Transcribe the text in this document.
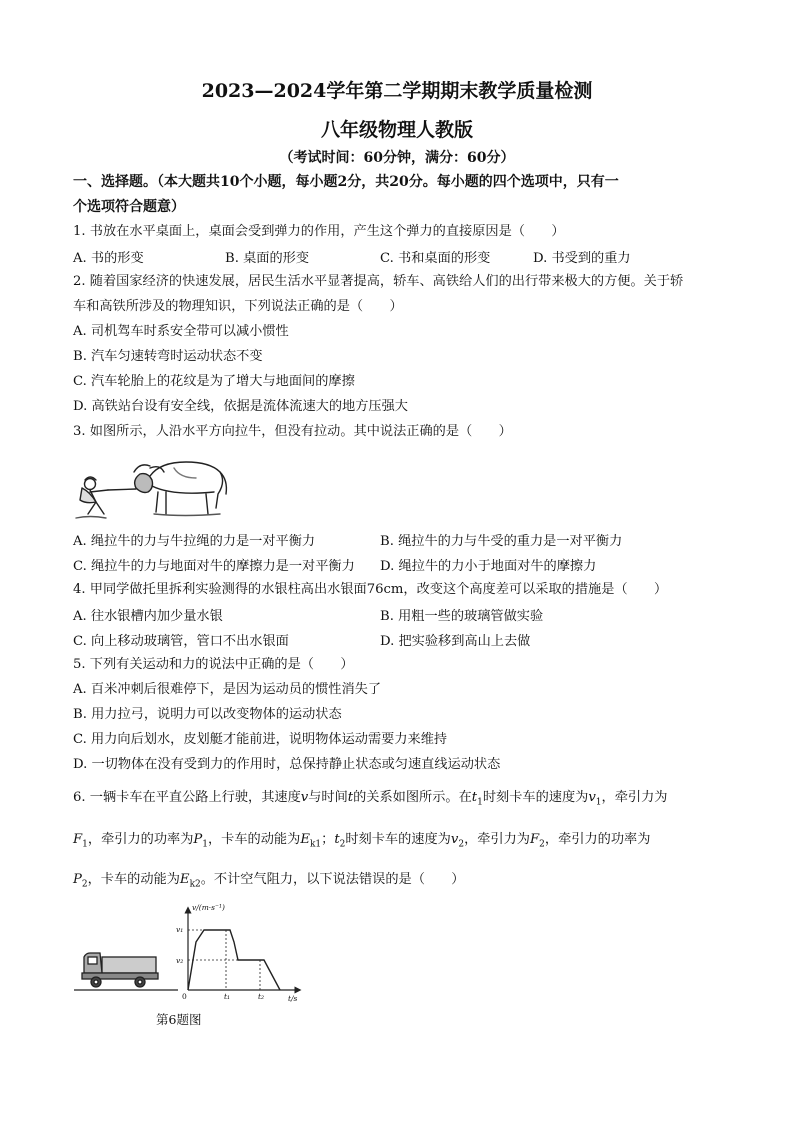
2023—2024学年第二学期期末教学质量检测
八年级物理人教版
（考试时间：60分钟，满分：60分）
一、选择题。（本大题共10个小题，每小题2分，共20分。每小题的四个选项中，只有一
个选项符合题意）
1. 书放在水平桌面上，桌面会受到弹力的作用，产生这个弹力的直接原因是（　　）
A. 书的形变	B. 桌面的形变	C. 书和桌面的形变	D. 书受到的重力
2. 随着国家经济的快速发展，居民生活水平显著提高，轿车、高铁给人们的出行带来极大的方便。关于轿
车和高铁所涉及的物理知识，下列说法正确的是（　　）
A. 司机驾车时系安全带可以减小惯性
B. 汽车匀速转弯时运动状态不变
C. 汽车轮胎上的花纹是为了增大与地面间的摩擦
D. 高铁站台设有安全线，依据是流体流速大的地方压强大
3. 如图所示，人沿水平方向拉牛，但没有拉动。其中说法正确的是（　　）
A. 绳拉牛的力与牛拉绳的力是一对平衡力	B. 绳拉牛的力与牛受的重力是一对平衡力
C. 绳拉牛的力与地面对牛的摩擦力是一对平衡力 D. 绳拉牛的力小于地面对牛的摩擦力
4. 甲同学做托里拆利实验测得的水银柱高出水银面76cm，改变这个高度差可以采取的措施是（　　）
A. 往水银槽内加少量水银	B. 用粗一些的玻璃管做实验
C. 向上移动玻璃管，管口不出水银面	D. 把实验移到高山上去做
5. 下列有关运动和力的说法中正确的是（　　）
A. 百米冲刺后很难停下，是因为运动员的惯性消失了
B. 用力拉弓，说明力可以改变物体的运动状态
C. 用力向后划水，皮划艇才能前进，说明物体运动需要力来维持
D. 一切物体在没有受到力的作用时，总保持静止状态或匀速直线运动状态
6. 一辆卡车在平直公路上行驶，其速度v与时间t的关系如图所示。在$t_1$时刻卡车的速度为$v_1$，牵引力为
$F_1$，牵引力的功率为$P_1$，卡车的动能为$E_{k1}$；$t_2$时刻卡车的速度为$v_2$，牵引力为$F_2$，牵引力的功率为
$P_2$，卡车的动能为$E_{k2}$。不计空气阻力，以下说法错误的是（　　）
v/(m·s⁻¹)
t/s
0
v₁
v₂
t₁	t₂
第6题图
